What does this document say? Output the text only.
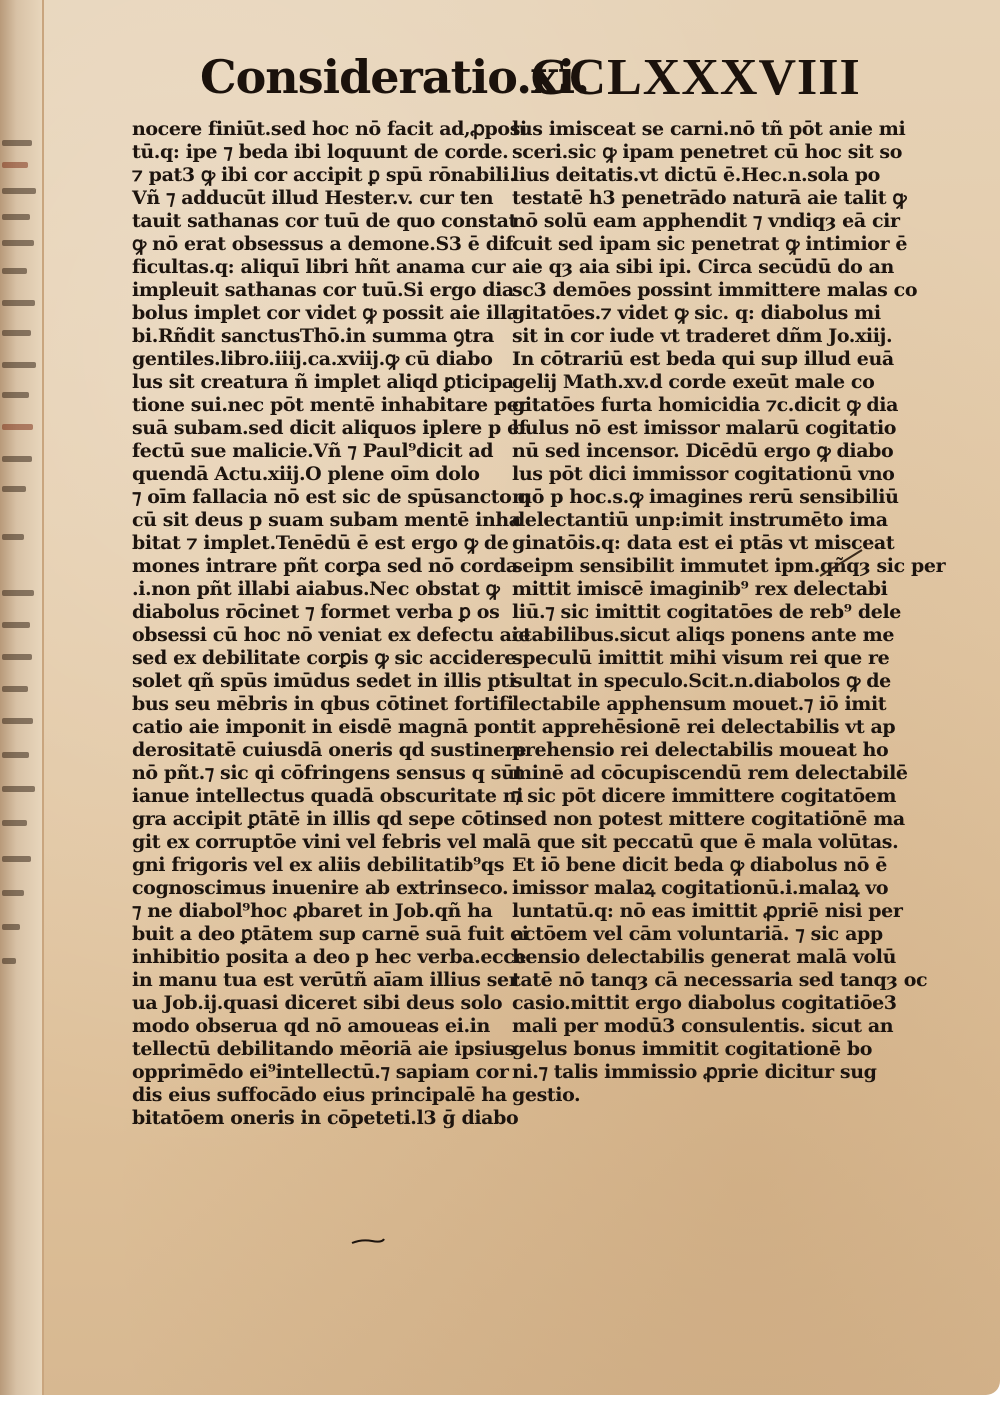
Consideratio.xi.
CCLXXXVIII
nocere finiūt.sed hoc nō facit ad,ꝓposi
tū.q: ipe ⁊ beda ibi loquunt de corde.
⁊ pat3 ꝙ ibi cor accipit ꝑ spū rōnabili.
Vñ ⁊ adducūt illud Hester.v. cur ten
tauit sathanas cor tuū de quo constat
ꝙ nō erat obsessus a demone.S3 ē dif
ficultas.q: aliquī libri hñt anama cur
impleuit sathanas cor tuū.Si ergo dia
bolus implet cor videt ꝙ possit aie illa
bi.Rñdit sanctusThō.in summa ꝯtra
gentiles.libro.iiij.ca.xviij.ꝙ cū diabo
lus sit creatura ñ implet aliqd ꝑticipa
tione sui.nec pōt mentē inhabitare per
suā subam.sed dicit aliquos iplere p ef
fectū sue malicie.Vñ ⁊ Paul⁹dicit ad
quendā Actu.xiij.O plene oīm dolo
⁊ oīm fallacia nō est sic de spūsancto q
cū sit deus p suam subam mentē inha
bitat ⁊ implet.Tenēdū ē est ergo ꝙ de
mones intrare pñt corꝑa sed nō corda
.i.non pñt illabi aiabus.Nec obstat ꝙ
diabolus rōcinet ⁊ formet verba ꝑ os
obsessi cū hoc nō veniat ex defectu aie
sed ex debilitate corꝑis ꝙ sic accidere
solet qñ spūs imūdus sedet in illis pti
bus seu mēbris in qbus cōtinet fortifi
catio aie imponit in eisdē magnā pon
derositatē cuiusdā oneris qd sustinere
nō pñt.⁊ sic qi cōfringens sensus q sūt
ianue intellectus quadā obscuritate ni
gra accipit ꝑtātē in illis qd sepe cōtin
git ex corruptōe vini vel febris vel ma
gni frigoris vel ex aliis debilitatib⁹qs
cognoscimus inuenire ab extrinseco.
⁊ ne diabol⁹hoc ꝓbaret in Job.qñ ha
buit a deo ꝑtātem sup carnē suā fuit ei
inhibitio posita a deo p hec verba.ecce
in manu tua est verūtñ aīam illius ser
ua Job.ij.quasi diceret sibi deus solo
modo obserua qd nō amoueas ei.in
tellectū debilitando mēoriā aie ipsius
opprimēdo ei⁹intellectū.⁊ sapiam cor
dis eius suffocādo eius principalē ha
bitatōem oneris in cōpeteti.l3 ḡ diabo
lus imisceat se carni.nō tñ pōt anie mi
sceri.sic ꝙ ipam penetret cū hoc sit so
lius deitatis.vt dictū ē.Hec.n.sola po
testatē h3 penetrādo naturā aie talit ꝙ
nō solū eam apphendit ⁊ vndiqȝ eā cir
cuit sed ipam sic penetrat ꝙ intimior ē
aie qȝ aia sibi ipi. Circa secūdū do an
sc3 demōes possint immittere malas co
gitatōes.⁊ videt ꝙ sic. q: diabolus mi
sit in cor iude vt traderet dñm Jo.xiij.
In cōtrariū est beda qui sup illud euā
gelij Math.xv.d corde exeūt male co
gitatōes furta homicidia ⁊c.dicit ꝙ dia
bulus nō est imissor malarū cogitatio
nū sed incensor. Dicēdū ergo ꝙ diabo
lus pōt dici immissor cogitationū vno
mō p hoc.s.ꝙ imagines rerū sensibiliū
delectantiū unp:imit instrumēto ima
ginatōis.q: data est ei ptās vt misceat
seipm sensibilit immutet ipm.qñqȝ sic per
mittit imiscē imaginib⁹ rex delectabi
liū.⁊ sic imittit cogitatōes de reb⁹ dele
ctabilibus.sicut aliqs ponens ante me
speculū imittit mihi visum rei que re
sultat in speculo.Scit.n.diabolos ꝙ de
lectabile apphensum mouet.⁊ iō imit
tit apprehēsionē rei delectabilis vt ap
prehensio rei delectabilis moueat ho
minē ad cōcupiscendū rem delectabilē
⁊ sic pōt dicere immittere cogitatōem
sed non potest mittere cogitatiōnē ma
lā que sit peccatū que ē mala volūtas.
Et iō bene dicit beda ꝙ diabolus nō ē
imissor malaꝝ cogitationū.i.malaꝝ vo
luntatū.q: nō eas imittit ꝓpriē nisi per
actōem vel cām voluntariā. ⁊ sic app
hensio delectabilis generat malā volū
tatē nō tanqȝ cā necessaria sed tanqȝ oc
casio.mittit ergo diabolus cogitatiōe3
mali per modū3 consulentis. sicut an
gelus bonus immitit cogitationē bo
ni.⁊ talis immissio ꝓprie dicitur sug
gestio.
